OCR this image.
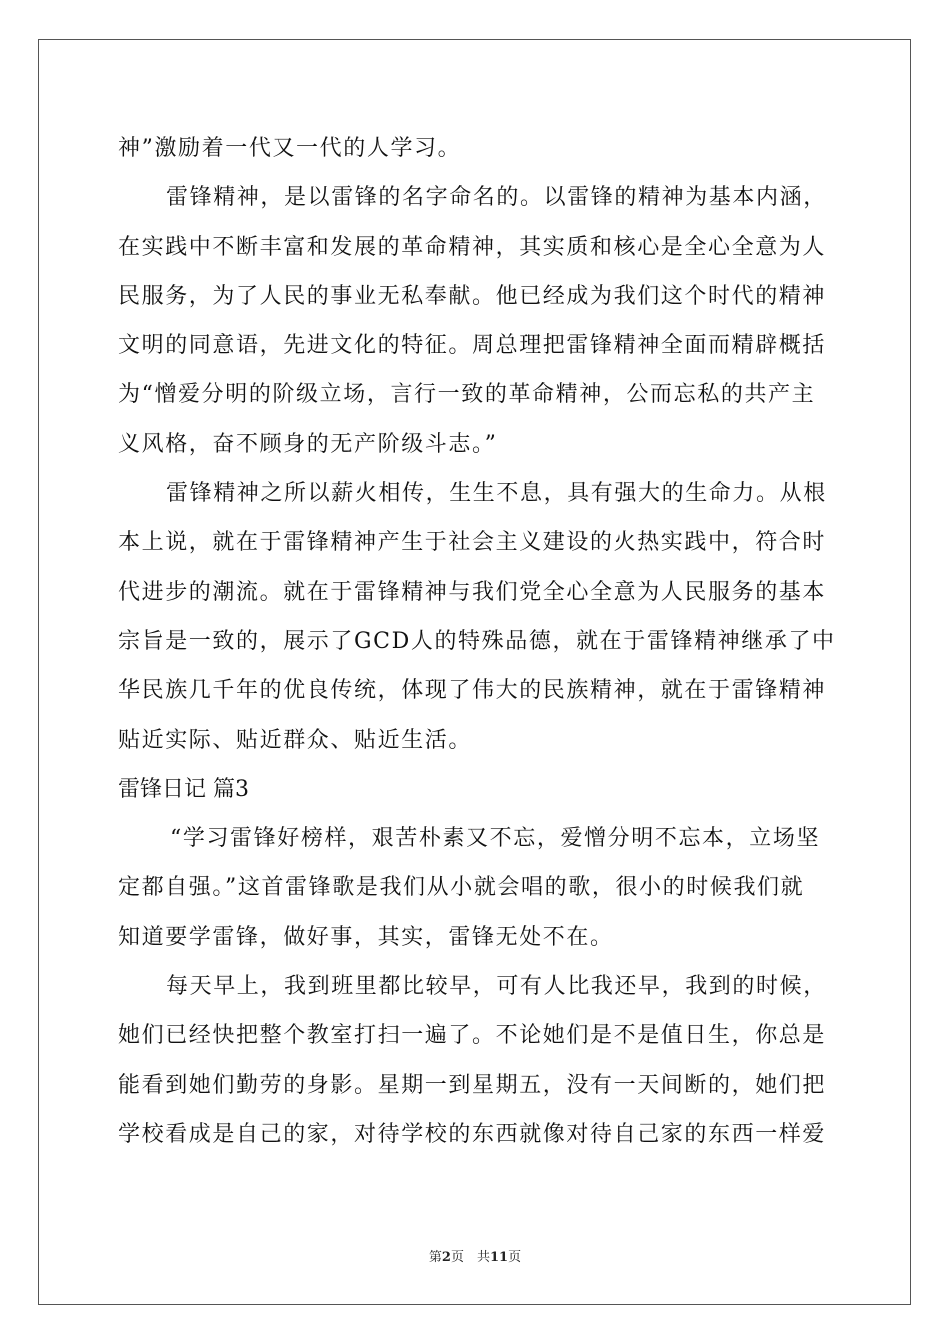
神”激励着一代又一代的人学习。
雷锋精神，是以雷锋的名字命名的。以雷锋的精神为基本内涵，
在实践中不断丰富和发展的革命精神，其实质和核心是全心全意为人
民服务，为了人民的事业无私奉献。他已经成为我们这个时代的精神
文明的同意语，先进文化的特征。周总理把雷锋精神全面而精辟概括
为“憎爱分明的阶级立场，言行一致的革命精神，公而忘私的共产主
义风格，奋不顾身的无产阶级斗志。”
雷锋精神之所以薪火相传，生生不息，具有强大的生命力。从根
本上说，就在于雷锋精神产生于社会主义建设的火热实践中，符合时
代进步的潮流。就在于雷锋精神与我们党全心全意为人民服务的基本
宗旨是一致的，展示了GCD人的特殊品德，就在于雷锋精神继承了中
华民族几千年的优良传统，体现了伟大的民族精神，就在于雷锋精神
贴近实际、贴近群众、贴近生活。
雷锋日记 篇3
“学习雷锋好榜样，艰苦朴素又不忘，爱憎分明不忘本，立场坚
定都自强。”这首雷锋歌是我们从小就会唱的歌，很小的时候我们就
知道要学雷锋，做好事，其实，雷锋无处不在。
每天早上，我到班里都比较早，可有人比我还早，我到的时候，
她们已经快把整个教室打扫一遍了。不论她们是不是值日生，你总是
能看到她们勤劳的身影。星期一到星期五，没有一天间断的，她们把
学校看成是自己的家，对待学校的东西就像对待自己家的东西一样爱
第2页　共11页
